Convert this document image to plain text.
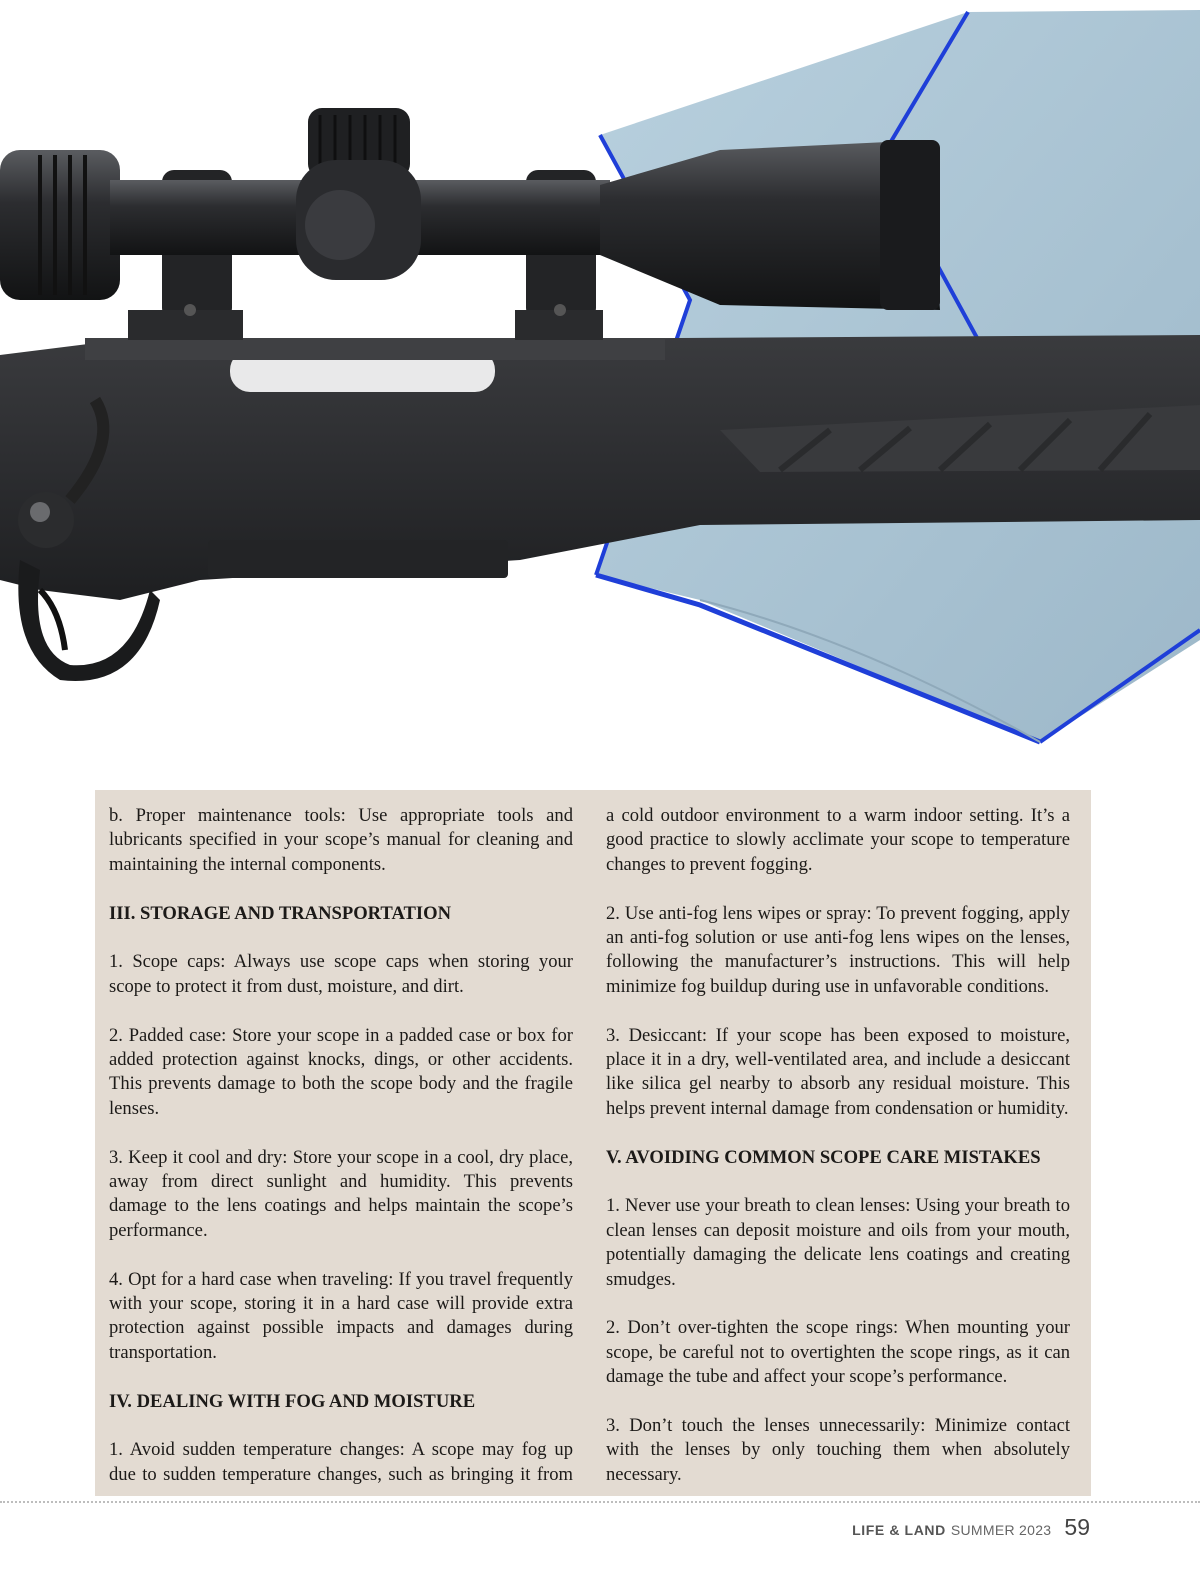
b. Proper maintenance tools: Use appropriate tools and lubricants specified in your scope’s manual for cleaning and maintaining the internal components.

III. STORAGE AND TRANSPORTATION

1. Scope caps: Always use scope caps when storing your scope to protect it from dust, moisture, and dirt.

2. Padded case: Store your scope in a padded case or box for added protection against knocks, dings, or other accidents. This prevents damage to both the scope body and the fragile lenses.

3. Keep it cool and dry: Store your scope in a cool, dry place, away from direct sunlight and humidity. This prevents damage to the lens coatings and helps maintain the scope’s performance.

4. Opt for a hard case when traveling: If you travel frequently with your scope, storing it in a hard case will provide extra protection against possible impacts and damages during transportation.

IV. DEALING WITH FOG AND MOISTURE

1. Avoid sudden temperature changes: A scope may fog up due to sudden temperature changes, such as bringing it from

a cold outdoor environment to a warm indoor setting. It’s a good practice to slowly acclimate your scope to temperature changes to prevent fogging.

2. Use anti-fog lens wipes or spray: To prevent fogging, apply an anti-fog solution or use anti-fog lens wipes on the lenses, following the manufacturer’s instructions. This will help minimize fog buildup during use in unfavorable conditions.

3. Desiccant: If your scope has been exposed to moisture, place it in a dry, well-ventilated area, and include a desiccant like silica gel nearby to absorb any residual moisture. This helps prevent internal damage from condensation or humidity.

V. AVOIDING COMMON SCOPE CARE MISTAKES

1. Never use your breath to clean lenses: Using your breath to clean lenses can deposit moisture and oils from your mouth, potentially damaging the delicate lens coatings and creating smudges.

2. Don’t over-tighten the scope rings: When mounting your scope, be careful not to overtighten the scope rings, as it can damage the tube and affect your scope’s performance.

3. Don’t touch the lenses unnecessarily: Minimize contact with the lenses by only touching them when absolutely necessary.

LIFE & LAND SUMMER 2023 59
